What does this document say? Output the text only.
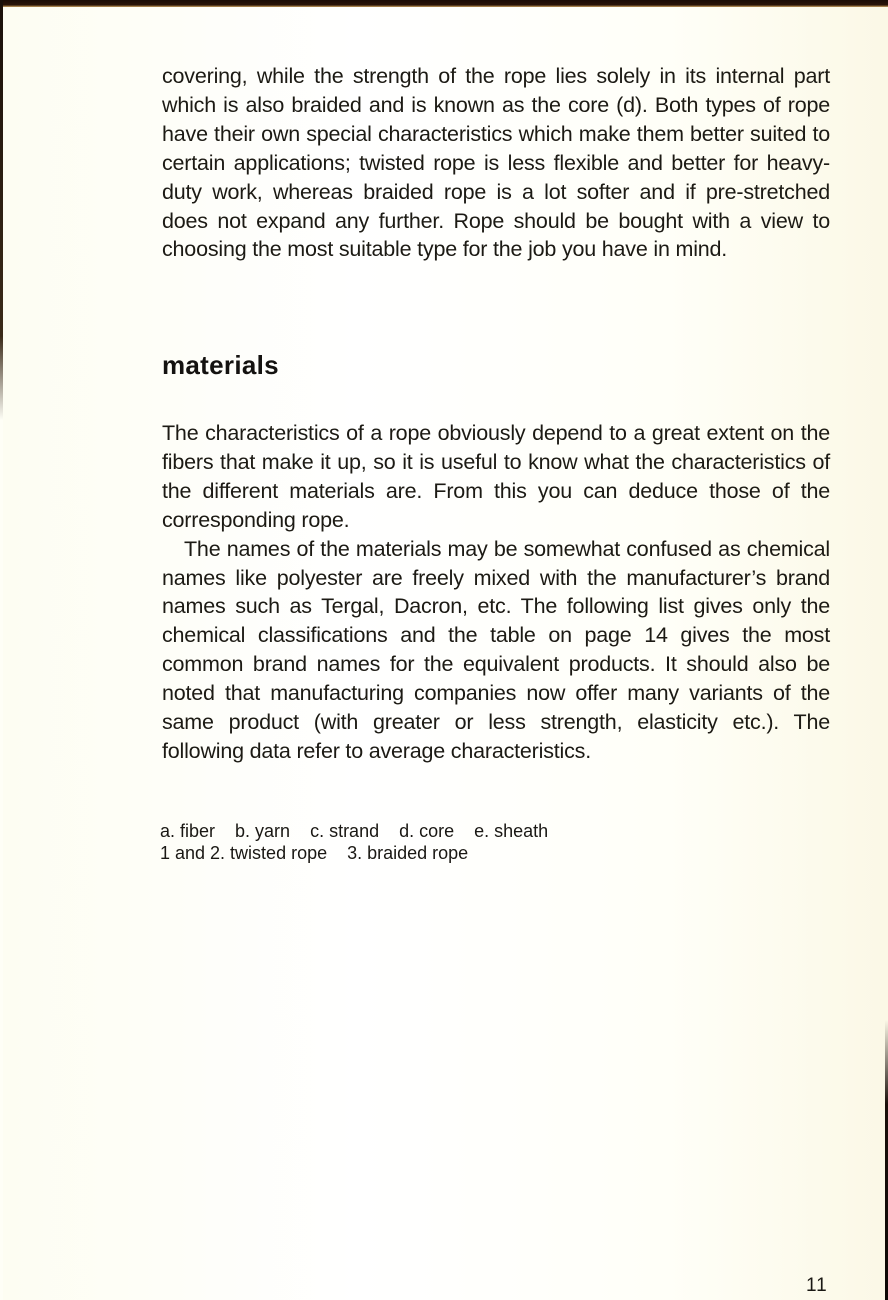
covering, while the strength of the rope lies solely in its internal part which is also braided and is known as the core (d). Both types of rope have their own special characteristics which make them better suited to certain applications; twisted rope is less flexible and better for heavy-duty work, whereas braided rope is a lot softer and if pre-stretched does not expand any further. Rope should be bought with a view to choosing the most suitable type for the job you have in mind.

materials

The characteristics of a rope obviously depend to a great extent on the fibers that make it up, so it is useful to know what the characteristics of the different materials are. From this you can deduce those of the corresponding rope.

The names of the materials may be somewhat confused as chemical names like polyester are freely mixed with the manufacturer’s brand names such as Tergal, Dacron, etc. The following list gives only the chemical classifications and the table on page 14 gives the most common brand names for the equivalent products. It should also be noted that manufacturing companies now offer many variants of the same product (with greater or less strength, elasticity etc.). The following data refer to average characteristics.

a. fiber    b. yarn    c. strand    d. core    e. sheath
1 and 2. twisted rope    3. braided rope
11
